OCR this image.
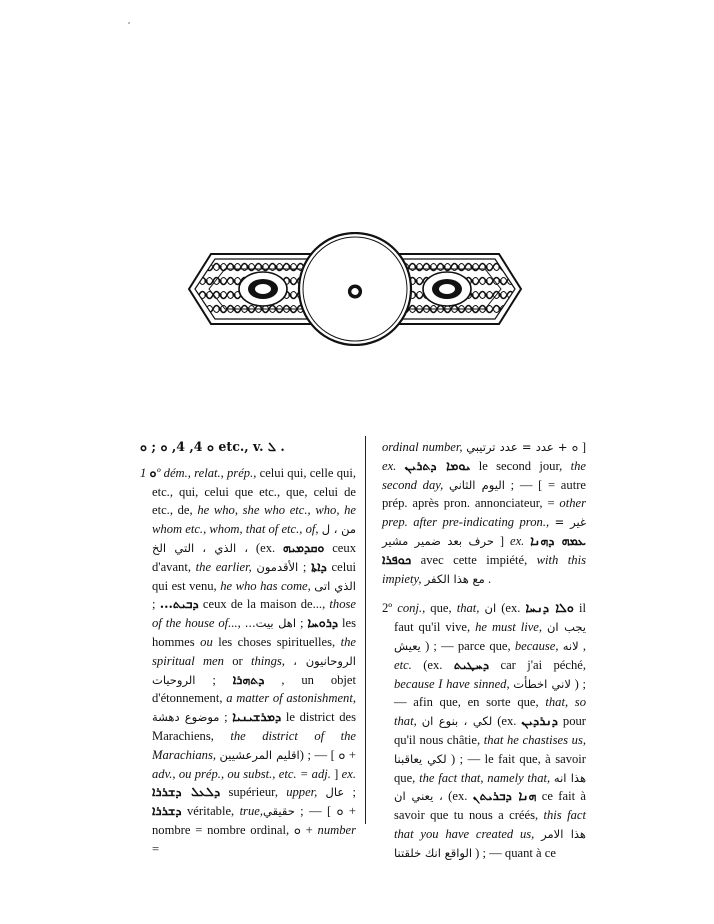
ܘ

ܘ 4, 4, ܘ ; ܘ etc., v. ܠ .

ܘ 1º dém., relat., prép., celui qui, celle qui, etc., qui, celui que etc., que, celui de etc., de, he who, she who etc., who, he whom etc., whom, that of etc., of, من ، ل ، الذي ، التي الخ (ex. ܘܩܕܡܝܗ ceux d'avant, the earlier, الأقدمون ; ܕܐܬܐ celui qui est venu, he who has come, الذي اتى ; ܕܒܝܬ... ceux de la maison de..., those of the house of..., اهل بيت... ; ܕܪܘܚܐ les hommes ou les choses spirituelles, the spiritual men or things, الروحانيون ، الروحيات ; ܕܬܗܪܐ , un objet d'étonnement, a matter of astonishment, موضوع دهشة ; ܕܡܪܫܝܢܝܐ le district des Marachiens, the district of the Marachians, اقليم المرعشيين) ; — [ ܘ + adv., ou prép., ou subst., etc. = adj. ] ex. ܕܠܥܠ ܕܫܪܪܐ supérieur, upper, عال ; ܕܫܪܪܐ véritable, true,حقيقي ; — [ ܘ + nombre = nombre ordinal, ܘ + number =

ordinal number, ܘ + عدد = عدد ترتيبي ] ex. ܝܘܡܐ ܕܬܪܝܢ le second jour, the second day, اليوم الثاني ; — [ = autre prép. après pron. annonciateur, = other prep. after pre-indicating pron., غير = حرف بعد ضمير مشير ] ex. ܥܡܗ ܕܗܢܐ ܟܘܦܪܐ avec cette impiété, with this impiety, مع هذا الكفر .

2º conj., que, that, ان (ex. ܘܠܐ ܕܢܚܐ il faut qu'il vive, he must live, يجب ان يعيش ) ; — parce que, because, لانه , etc. (ex. ܕܚܛܝܬ car j'ai péché, because I have sinned, لاني اخطأت ) ; — afin que, en sorte que, that, so that, لكي ، بنوع ان (ex. ܕܢܪܕܝܢ pour qu'il nous châtie, that he chastises us, لكي يعاقبنا ) ; — le fait que, à savoir que, the fact that, namely that, هذا انه ، يعني ان (ex. ܗܢܐ ܕܒܪܝܬܢ ce fait à savoir que tu nous a créés, this fact that you have created us, هذا الامر الواقع انك خلقتنا ) ; — quant à ce
